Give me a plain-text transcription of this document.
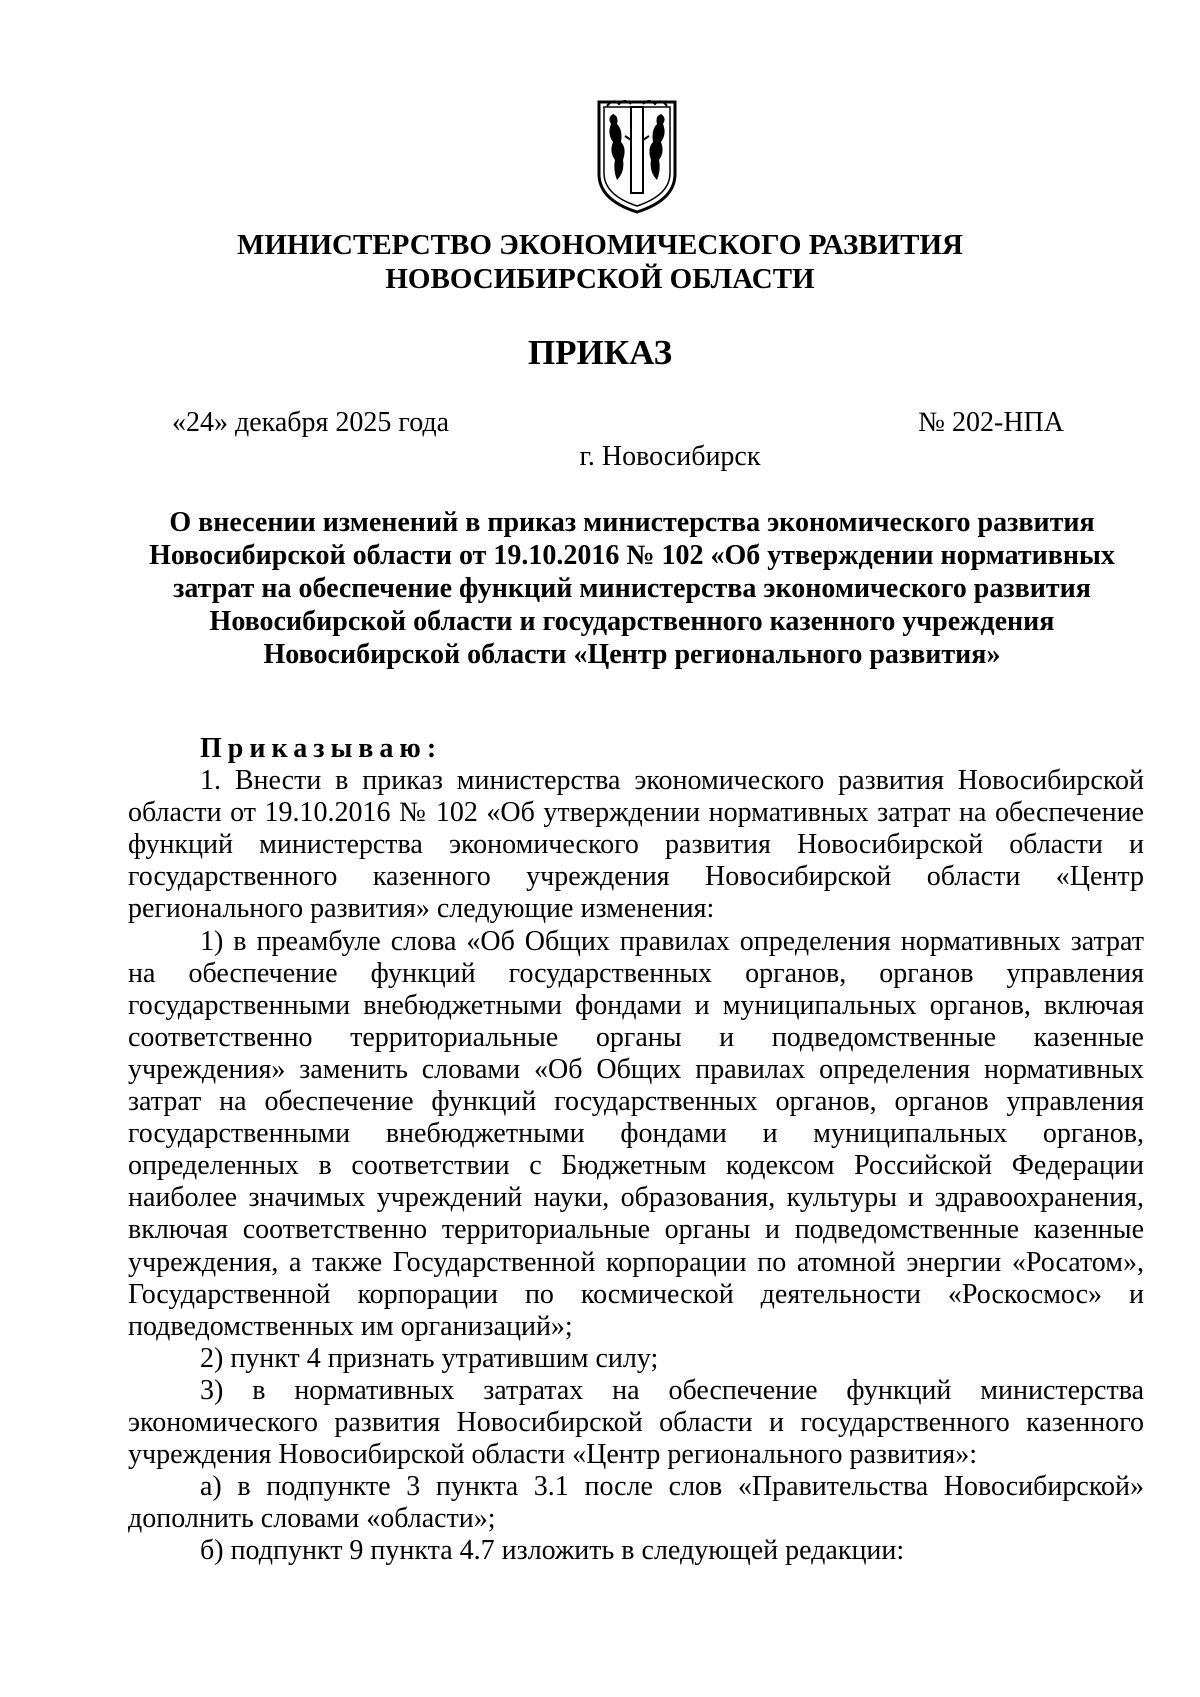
МИНИСТЕРСТВО ЭКОНОМИЧЕСКОГО РАЗВИТИЯ
НОВОСИБИРСКОЙ ОБЛАСТИ
ПРИКАЗ
«24» декабря 2025 года	№ 202-НПА
г. Новосибирск
О внесении изменений в приказ министерства экономического развития
Новосибирской области от 19.10.2016 № 102 «Об утверждении нормативных
затрат на обеспечение функций министерства экономического развития
Новосибирской области и государственного казенного учреждения
Новосибирской области «Центр регионального развития»

Приказываю:

1. Внести в приказ министерства экономического развития Новосибирской области от 19.10.2016 № 102 «Об утверждении нормативных затрат на обеспечение функций министерства экономического развития Новосибирской области и государственного казенного учреждения Новосибирской области «Центр регионального развития» следующие изменения:

1) в преамбуле слова «Об Общих правилах определения нормативных затрат на обеспечение функций государственных органов, органов управления государственными внебюджетными фондами и муниципальных органов, включая соответственно территориальные органы и подведомственные казенные учреждения» заменить словами «Об Общих правилах определения нормативных затрат на обеспечение функций государственных органов, органов управления государственными внебюджетными фондами и муниципальных органов, определенных в соответствии с Бюджетным кодексом Российской Федерации наиболее значимых учреждений науки, образования, культуры и здравоохранения, включая соответственно территориальные органы и подведомственные казенные учреждения, а также Государственной корпорации по атомной энергии «Росатом», Государственной корпорации по космической деятельности «Роскосмос» и подведомственных им организаций»;

2) пункт 4 признать утратившим силу;

3) в нормативных затратах на обеспечение функций министерства экономического развития Новосибирской области и государственного казенного учреждения Новосибирской области «Центр регионального развития»:

а) в подпункте 3 пункта 3.1 после слов «Правительства Новосибирской» дополнить словами «области»;

б) подпункт 9 пункта 4.7 изложить в следующей редакции:
